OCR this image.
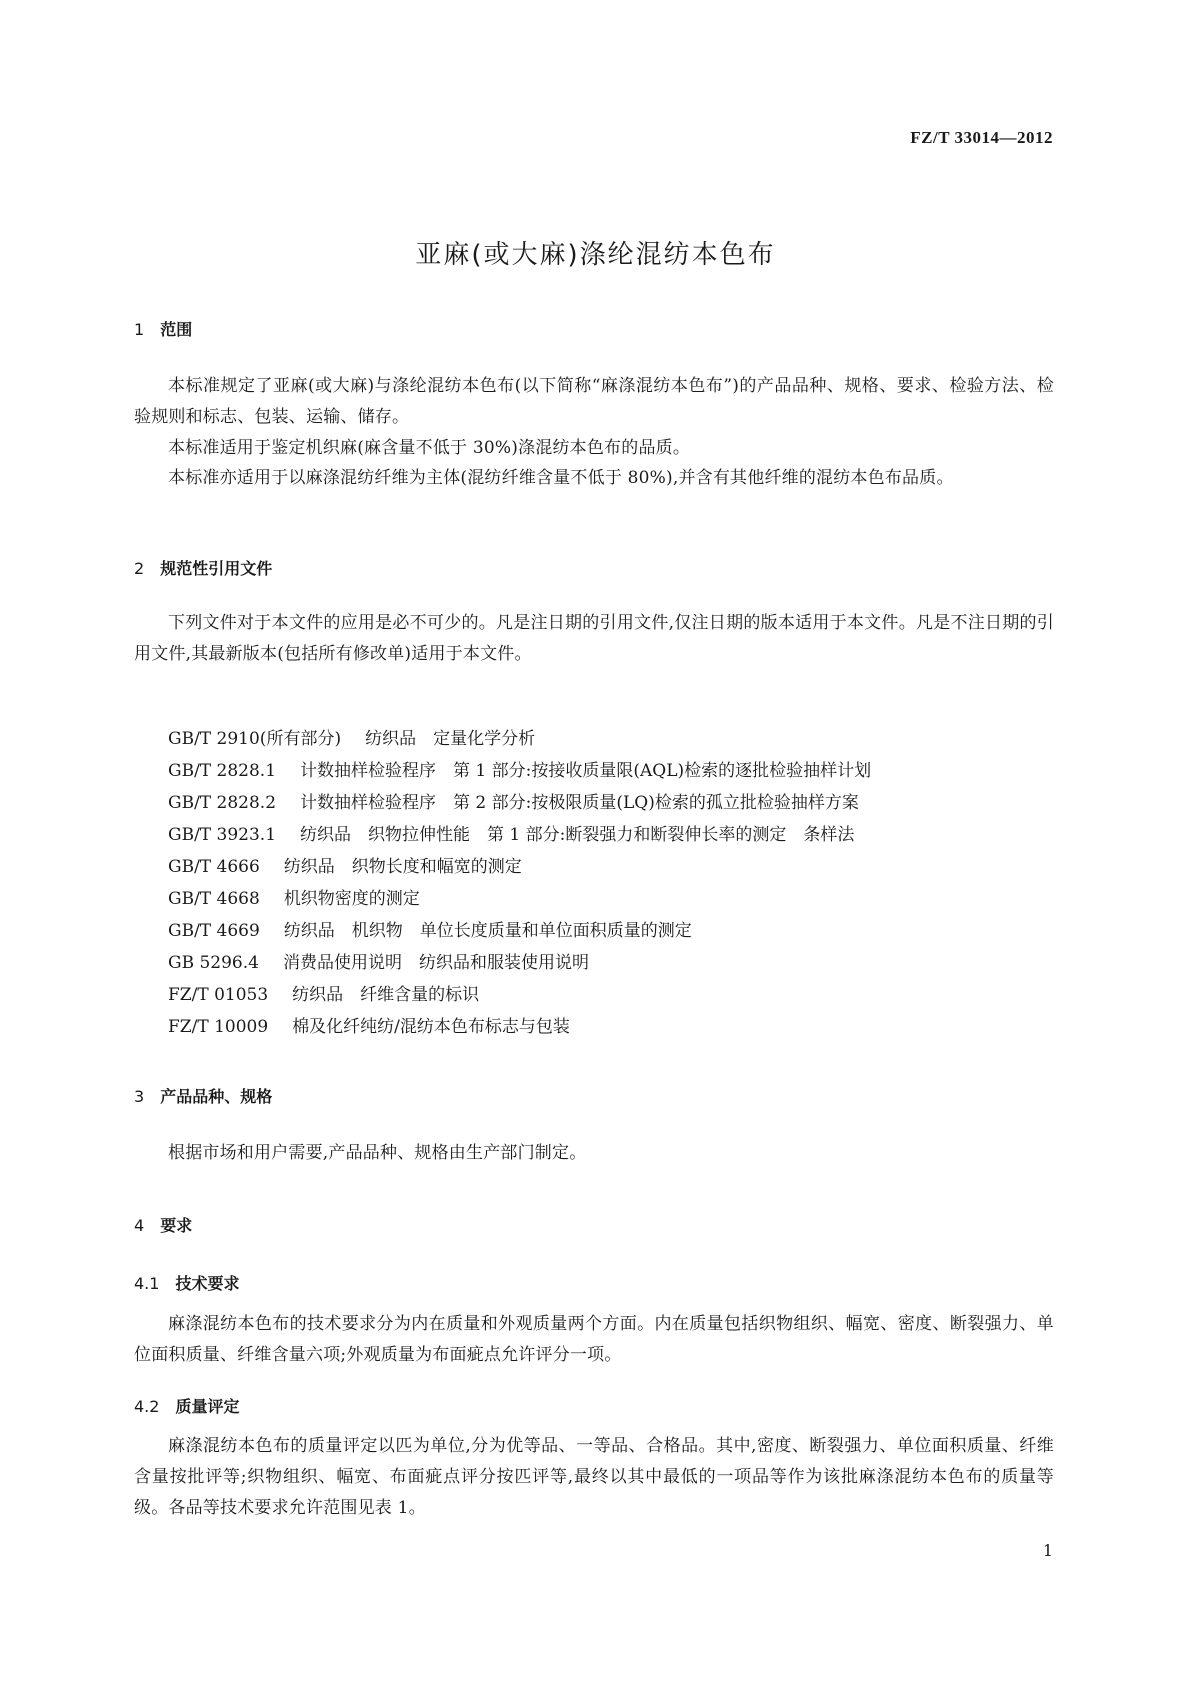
FZ/T 33014—2012
亚麻(或大麻)涤纶混纺本色布
1 范围

本标准规定了亚麻(或大麻)与涤纶混纺本色布(以下简称“麻涤混纺本色布”)的产品品种、规格、要求、检验方法、检验规则和标志、包装、运输、储存。

本标准适用于鉴定机织麻(麻含量不低于 30%)涤混纺本色布的品质。

本标准亦适用于以麻涤混纺纤维为主体(混纺纤维含量不低于 80%),并含有其他纤维的混纺本色布品质。

2 规范性引用文件

下列文件对于本文件的应用是必不可少的。凡是注日期的引用文件,仅注日期的版本适用于本文件。凡是不注日期的引用文件,其最新版本(包括所有修改单)适用于本文件。

GB/T 2910(所有部分) 纺织品　定量化学分析
GB/T 2828.1 计数抽样检验程序　第 1 部分:按接收质量限(AQL)检索的逐批检验抽样计划
GB/T 2828.2 计数抽样检验程序　第 2 部分:按极限质量(LQ)检索的孤立批检验抽样方案
GB/T 3923.1 纺织品　织物拉伸性能　第 1 部分:断裂强力和断裂伸长率的测定　条样法
GB/T 4666 纺织品　织物长度和幅宽的测定
GB/T 4668 机织物密度的测定
GB/T 4669 纺织品　机织物　单位长度质量和单位面积质量的测定
GB 5296.4 消费品使用说明　纺织品和服装使用说明
FZ/T 01053 纺织品　纤维含量的标识
FZ/T 10009 棉及化纤纯纺/混纺本色布标志与包装
3 产品品种、规格

根据市场和用户需要,产品品种、规格由生产部门制定。

4 要求
4.1 技术要求

麻涤混纺本色布的技术要求分为内在质量和外观质量两个方面。内在质量包括织物组织、幅宽、密度、断裂强力、单位面积质量、纤维含量六项;外观质量为布面疵点允许评分一项。

4.2 质量评定

麻涤混纺本色布的质量评定以匹为单位,分为优等品、一等品、合格品。其中,密度、断裂强力、单位面积质量、纤维含量按批评等;织物组织、幅宽、布面疵点评分按匹评等,最终以其中最低的一项品等作为该批麻涤混纺本色布的质量等级。各品等技术要求允许范围见表 1。

1
